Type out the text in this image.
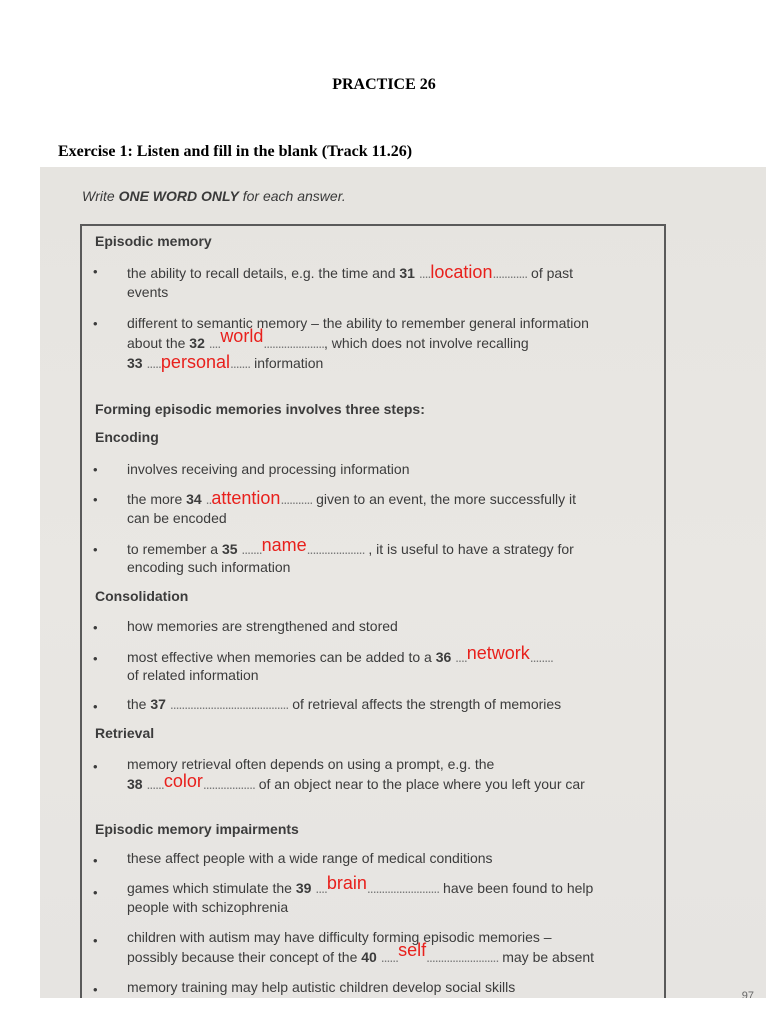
PRACTICE 26
Exercise 1: Listen and fill in the blank (Track 11.26)
Write ONE WORD ONLY for each answer.
Episodic memory
• the ability to recall details, e.g. the time and 31 ....location............ of past
events
• different to semantic memory – the ability to remember general information
about the 32 ....world....................., which does not involve recalling
33 .....personal....... information
Forming episodic memories involves three steps:
Encoding
• involves receiving and processing information
• the more 34 ..attention........... given to an event, the more successfully it
can be encoded
• to remember a 35 .......name.................... , it is useful to have a strategy for
encoding such information
Consolidation
• how memories are strengthened and stored
• most effective when memories can be added to a 36 ....network........
of related information
• the 37 ......................................... of retrieval affects the strength of memories
Retrieval
• memory retrieval often depends on using a prompt, e.g. the
38 ......color.................. of an object near to the place where you left your car
Episodic memory impairments
• these affect people with a wide range of medical conditions
• games which stimulate the 39 ....brain......................... have been found to help
people with schizophrenia
• children with autism may have difficulty forming episodic memories –
possibly because their concept of the 40 ......self......................... may be absent
• memory training may help autistic children develop social skills
97
